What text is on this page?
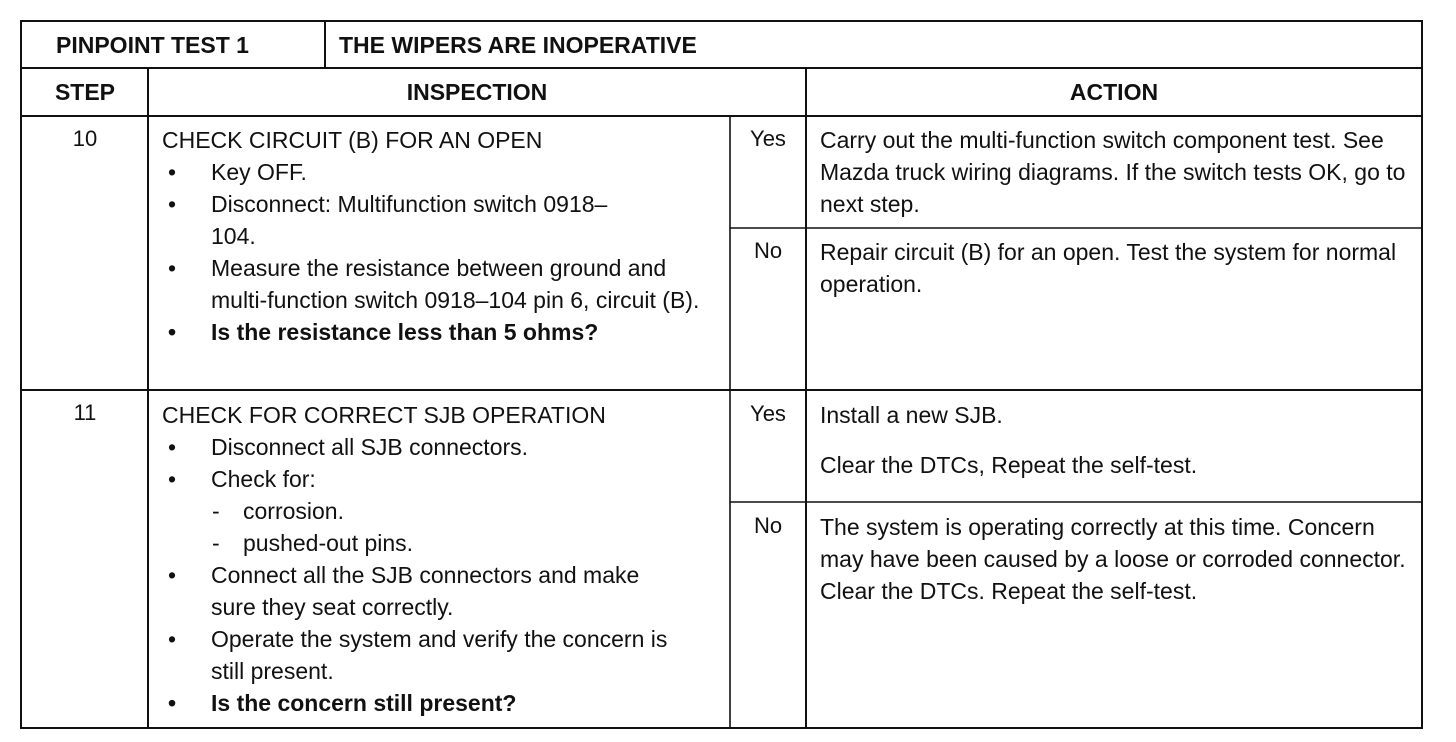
PINPOINT TEST 1	THE WIPERS ARE INOPERATIVE
STEP	INSPECTION	ACTION
10	CHECK CIRCUIT (B) FOR AN OPEN
• Key OFF.
• Disconnect: Multifunction switch 0918–104.
• Measure the resistance between ground and multi-function switch 0918–104 pin 6, circuit (B).
• Is the resistance less than 5 ohms?
Yes	Carry out the multi-function switch component test. See Mazda truck wiring diagrams. If the switch tests OK, go to next step.

No	Repair circuit (B) for an open. Test the system for normal operation.

11	CHECK FOR CORRECT SJB OPERATION
• Disconnect all SJB connectors.
• Check for:
- corrosion.
- pushed-out pins.
• Connect all the SJB connectors and make sure they seat correctly.
• Operate the system and verify the concern is still present.
• Is the concern still present?
Yes	Install a new SJB.

Clear the DTCs, Repeat the self-test.

No	The system is operating correctly at this time. Concern may have been caused by a loose or corroded connector. Clear the DTCs. Repeat the self-test.
